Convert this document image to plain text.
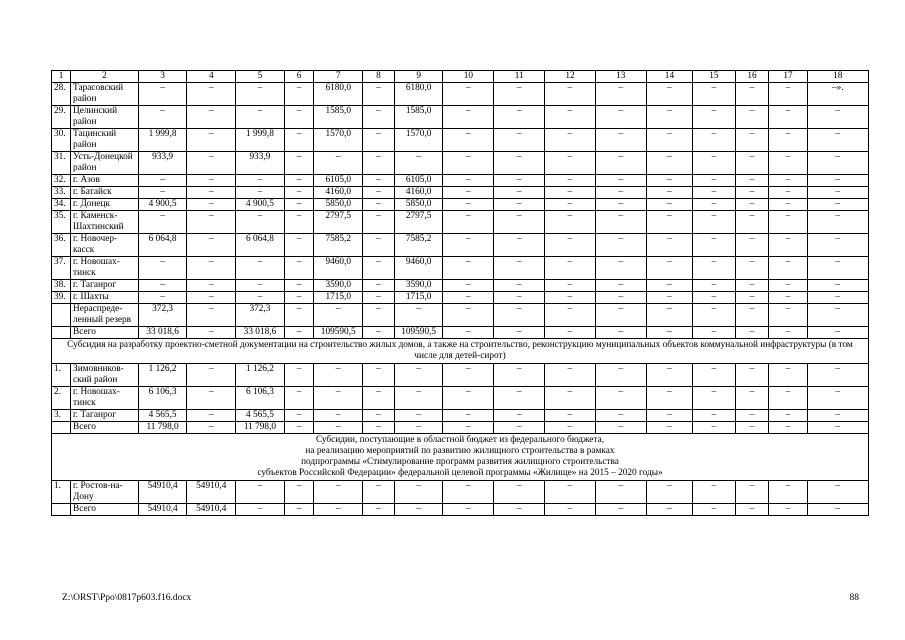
1	2	3	4	5	6	7	8	9	10	11	12	13	14	15	16	17	18
28.	Тарасовский район	–	–	–	–	6180,0	–	6180,0	–	–	–	–	–	–	–	–	–».
29.	Целинский район	–	–	–	–	1585,0	–	1585,0	–	–	–	–	–	–	–	–	–
30.	Тацинский район	1 999,8	–	1 999,8	–	1570,0	–	1570,0	–	–	–	–	–	–	–	–	–
31.	Усть-Донецкой район	933,9	–	933,9	–	–	–	–	–	–	–	–	–	–	–	–	–
32.	г. Азов	–	–	–	–	6105,0	–	6105,0	–	–	–	–	–	–	–	–	–
33.	г. Батайск	–	–	–	–	4160,0	–	4160,0	–	–	–	–	–	–	–	–	–
34.	г. Донецк	4 900,5	–	4 900,5	–	5850,0	–	5850,0	–	–	–	–	–	–	–	–	–
35.	г. Каменск-Шахтинский	–	–	–	–	2797,5	–	2797,5	–	–	–	–	–	–	–	–	–
36.	г. Новочер-касск	6 064,8	–	6 064,8	–	7585,2	–	7585,2	–	–	–	–	–	–	–	–	–
37.	г. Новошах-тинск	–	–	–	–	9460,0	–	9460,0	–	–	–	–	–	–	–	–	–
38.	г. Таганрог	–	–	–	–	3590,0	–	3590,0	–	–	–	–	–	–	–	–	–
39.	г. Шахты	–	–	–	–	1715,0	–	1715,0	–	–	–	–	–	–	–	–	–
	Нераспреде-ленный резерв	372,3	–	372,3	–	–	–	–	–	–	–	–	–	–	–	–	–
	Всего	33 018,6	–	33 018,6	–	109590,5	–	109590,5	–	–	–	–	–	–	–	–	–
Субсидия на разработку проектно-сметной документации на строительство жилых домов, а также на строительство, реконструкцию муниципальных объектов коммунальной инфраструктуры (в том числе для детей-сирот)																	
1.	Зимовников-ский район	1 126,2	–	1 126,2	–	–	–	–	–	–	–	–	–	–	–	–	–
2.	г. Новошах-тинск	6 106,3	–	6 106,3	–	–	–	–	–	–	–	–	–	–	–	–	–
3.	г. Таганрог	4 565,5	–	4 565,5	–	–	–	–	–	–	–	–	–	–	–	–	–
	Всего	11 798,0	–	11 798,0	–	–	–	–	–	–	–	–	–	–	–	–	–

Субсидии, поступающие в областной бюджет из федерального бюджета,
на реализацию мероприятий по развитию жилищного строительства в рамках
подпрограммы «Стимулирование программ развития жилищного строительства
субъектов Российской Федерации» федеральной целевой программы «Жилище» на 2015 – 2020 годы»																	

1.	г. Ростов-на-Дону	54910,4	54910,4	–	–	–	–	–	–	–	–	–	–	–	–	–	–
	Всего	54910,4	54910,4	–	–	–	–	–	–	–	–	–	–	–	–	–	–
Z:\ORST\Ppo\0817p603.f16.docx	88
